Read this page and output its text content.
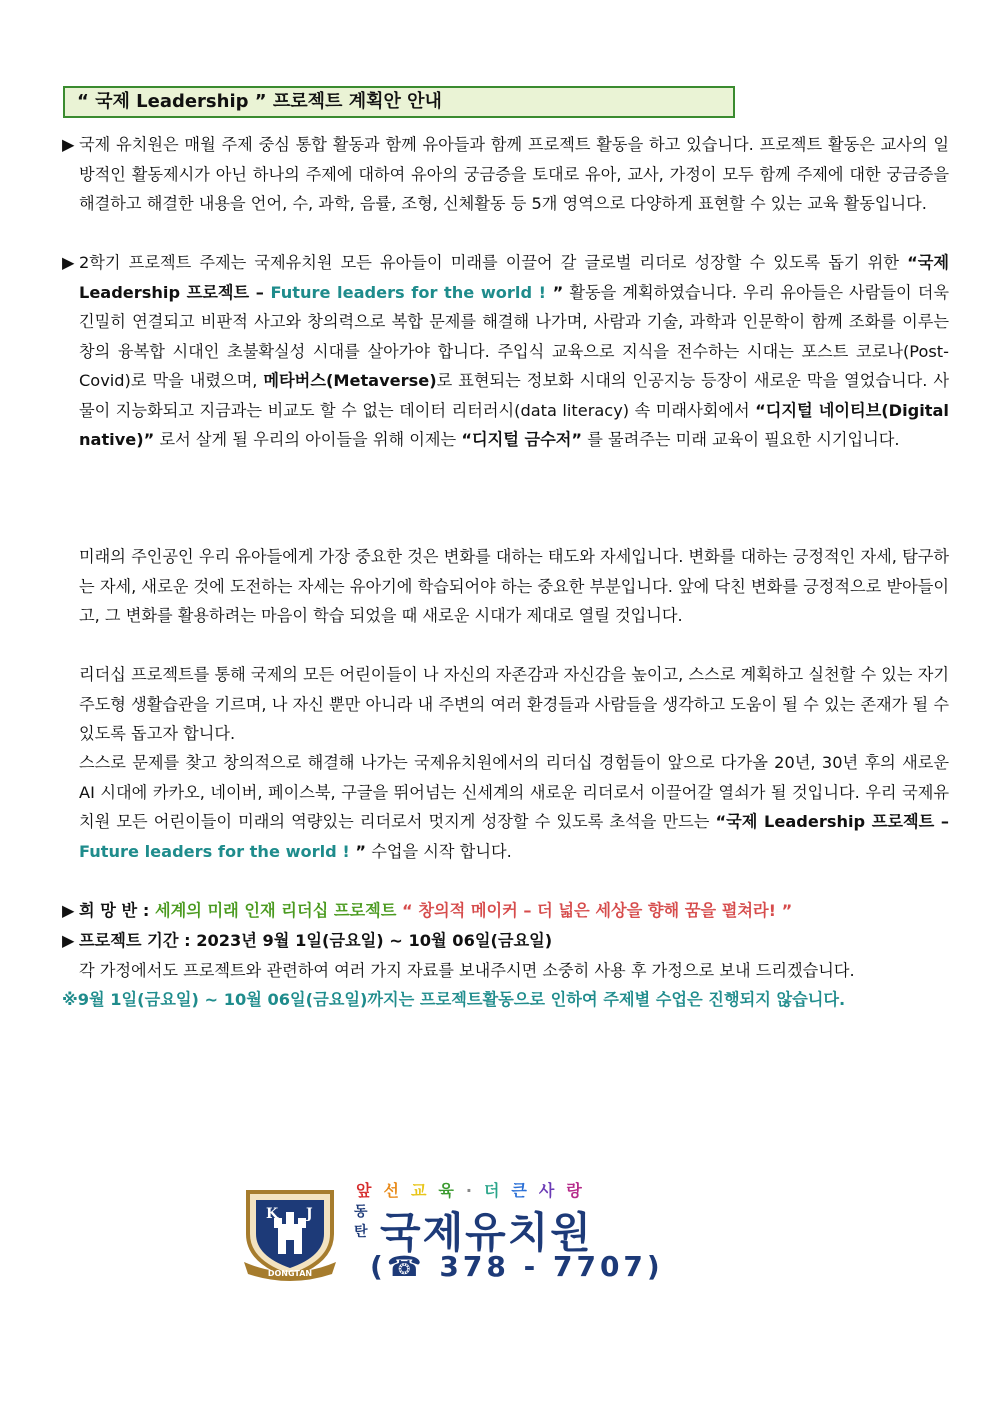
“ 국제 Leadership ” 프로젝트 계획안 안내
▶ 국제 유치원은 매월 주제 중심 통합 활동과 함께 유아들과 함께 프로젝트 활동을 하고 있습니다. 프로젝트 활동은 교사의 일방적인 활동제시가 아닌 하나의 주제에 대하여 유아의 궁금증을 토대로 유아, 교사, 가정이 모두 함께 주제에 대한 궁금증을 해결하고 해결한 내용을 언어, 수, 과학, 음률, 조형, 신체활동 등 5개 영역으로 다양하게 표현할 수 있는 교육 활동입니다.
▶ 2학기 프로젝트 주제는 국제유치원 모든 유아들이 미래를 이끌어 갈 글로벌 리더로 성장할 수 있도록 돕기 위한 “국제 Leadership 프로젝트 – Future leaders for the world ! ” 활동을 계획하였습니다. 우리 유아들은 사람들이 더욱 긴밀히 연결되고 비판적 사고와 창의력으로 복합 문제를 해결해 나가며, 사람과 기술, 과학과 인문학이 함께 조화를 이루는 창의 융복합 시대인 초불확실성 시대를 살아가야 합니다. 주입식 교육으로 지식을 전수하는 시대는 포스트 코로나(Post-Covid)로 막을 내렸으며, 메타버스(Metaverse)로 표현되는 정보화 시대의 인공지능 등장이 새로운 막을 열었습니다. 사물이 지능화되고 지금과는 비교도 할 수 없는 데이터 리터러시(data literacy) 속 미래사회에서 “디지털 네이티브(Digital native)” 로서 살게 될 우리의 아이들을 위해 이제는 “디지털 금수저” 를 물려주는 미래 교육이 필요한 시기입니다.
미래의 주인공인 우리 유아들에게 가장 중요한 것은 변화를 대하는 태도와 자세입니다. 변화를 대하는 긍정적인 자세, 탐구하는 자세, 새로운 것에 도전하는 자세는 유아기에 학습되어야 하는 중요한 부분입니다. 앞에 닥친 변화를 긍정적으로 받아들이고, 그 변화를 활용하려는 마음이 학습 되었을 때 새로운 시대가 제대로 열릴 것입니다.
리더십 프로젝트를 통해 국제의 모든 어린이들이 나 자신의 자존감과 자신감을 높이고, 스스로 계획하고 실천할 수 있는 자기 주도형 생활습관을 기르며, 나 자신 뿐만 아니라 내 주변의 여러 환경들과 사람들을 생각하고 도움이 될 수 있는 존재가 될 수 있도록 돕고자 합니다.
스스로 문제를 찾고 창의적으로 해결해 나가는 국제유치원에서의 리더십 경험들이 앞으로 다가올 20년, 30년 후의 새로운 AI 시대에 카카오, 네이버, 페이스북, 구글을 뛰어넘는 신세계의 새로운 리더로서 이끌어갈 열쇠가 될 것입니다. 우리 국제유치원 모든 어린이들이 미래의 역량있는 리더로서 멋지게 성장할 수 있도록 초석을 만드는 “국제 Leadership 프로젝트 – Future leaders for the world ! ” 수업을 시작 합니다.
▶ 희 망 반 : 세계의 미래 인재 리더십 프로젝트 “ 창의적 메이커 – 더 넓은 세상을 향해 꿈을 펼쳐라! ”
▶ 프로젝트 기간 : 2023년 9월 1일(금요일) ~ 10월 06일(금요일)
각 가정에서도 프로젝트와 관련하여 여러 가지 자료를 보내주시면 소중히 사용 후 가정으로 보내 드리겠습니다.
※9월 1일(금요일) ~ 10월 06일(금요일)까지는 프로젝트활동으로 인하여 주제별 수업은 진행되지 않습니다.
K J
DONGTAN
앞선교육·더큰사랑
동
탄 국제유치원
(☎ 378 - 7707)
